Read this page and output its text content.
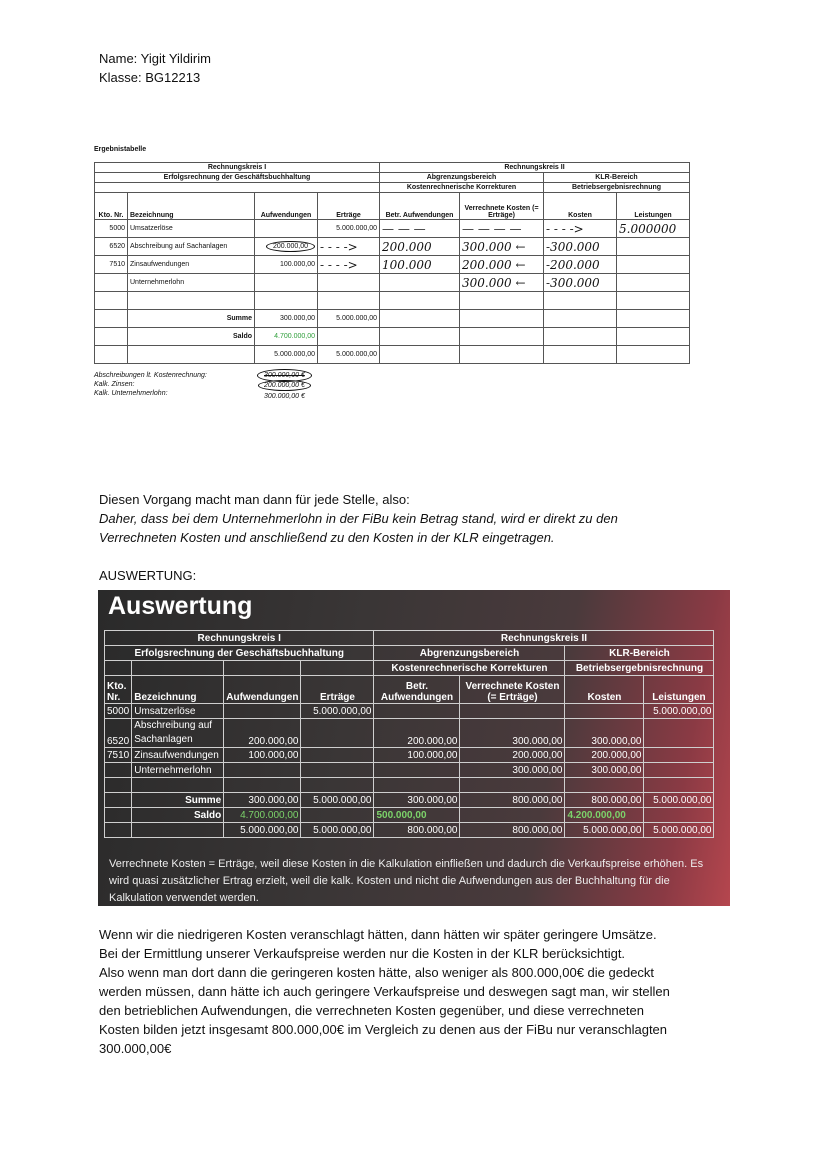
Name: Yigit Yildirim
Klasse: BG12213
Ergebnistabelle
Rechnungskreis I				Rechnungskreis II			
Erfolgsrechnung der Geschäftsbuchhaltung				Abgrenzungsbereich		KLR-Bereich	
				Kostenrechnerische Korrekturen		Betriebsergebnisrechnung	
Kto. Nr.	Bezeichnung	Aufwendungen	Erträge	Betr. Aufwendungen	Verrechnete Kosten (= Erträge)	Kosten	Leistungen
5000	Umsatzerlöse		5.000.000,00	— — —	— — — —	- - - ->	5.000000
6520	Abschreibung auf Sachanlagen	200.000,00	- - - ->	200.000	300.000 ←	-300.000	
7510	Zinsaufwendungen	100.000,00	- - - ->	100.000	200.000 ←	-200.000	
	Unternehmerlohn				300.000 ←	-300.000	

	Summe	300.000,00	5.000.000,00				
	Saldo	4.700.000,00					
		5.000.000,00	5.000.000,00				
Abschreibungen lt. Kostenrechnung:
Kalk. Zinsen:
Kalk. Unternehmerlohn:
300.000,00 €
200.000,00 €
300.000,00 €
Diesen Vorgang macht man dann für jede Stelle, also:
Daher, dass bei dem Unternehmerlohn in der FiBu kein Betrag stand, wird er direkt zu den
Verrechneten Kosten und anschließend zu den Kosten in der KLR eingetragen.
AUSWERTUNG:
Auswertung
Rechnungskreis I				Rechnungskreis II			
Erfolgsrechnung der Geschäftsbuchhaltung				Abgrenzungsbereich		KLR-Bereich	
				Kostenrechnerische Korrekturen		Betriebsergebnisrechnung	
Kto. Nr.	Bezeichnung	Aufwendungen	Erträge	Betr. Aufwendungen	Verrechnete Kosten (= Erträge)	Kosten	Leistungen
5000	Umsatzerlöse		5.000.000,00				5.000.000,00
6520	Abschreibung auf Sachanlagen	200.000,00		200.000,00	300.000,00	300.000,00	
7510	Zinsaufwendungen	100.000,00		100.000,00	200.000,00	200.000,00	
	Unternehmerlohn				300.000,00	300.000,00	

	Summe	300.000,00	5.000.000,00	300.000,00	800.000,00	800.000,00	5.000.000,00
	Saldo	4.700.000,00		500.000,00		4.200.000,00	
		5.000.000,00	5.000.000,00	800.000,00	800.000,00	5.000.000,00	5.000.000,00
Verrechnete Kosten = Erträge, weil diese Kosten in die Kalkulation einfließen und dadurch die Verkaufspreise erhöhen. Es wird quasi zusätzlicher Ertrag erzielt, weil die kalk. Kosten und nicht die Aufwendungen aus der Buchhaltung für die Kalkulation verwendet werden.
Wenn wir die niedrigeren Kosten veranschlagt hätten, dann hätten wir später geringere Umsätze.
Bei der Ermittlung unserer Verkaufspreise werden nur die Kosten in der KLR berücksichtigt.
Also wenn man dort dann die geringeren kosten hätte, also weniger als 800.000,00€ die gedeckt
werden müssen, dann hätte ich auch geringere Verkaufspreise und deswegen sagt man, wir stellen
den betrieblichen Aufwendungen, die verrechneten Kosten gegenüber, und diese verrechneten
Kosten bilden jetzt insgesamt 800.000,00€ im Vergleich zu denen aus der FiBu nur veranschlagten
300.000,00€
